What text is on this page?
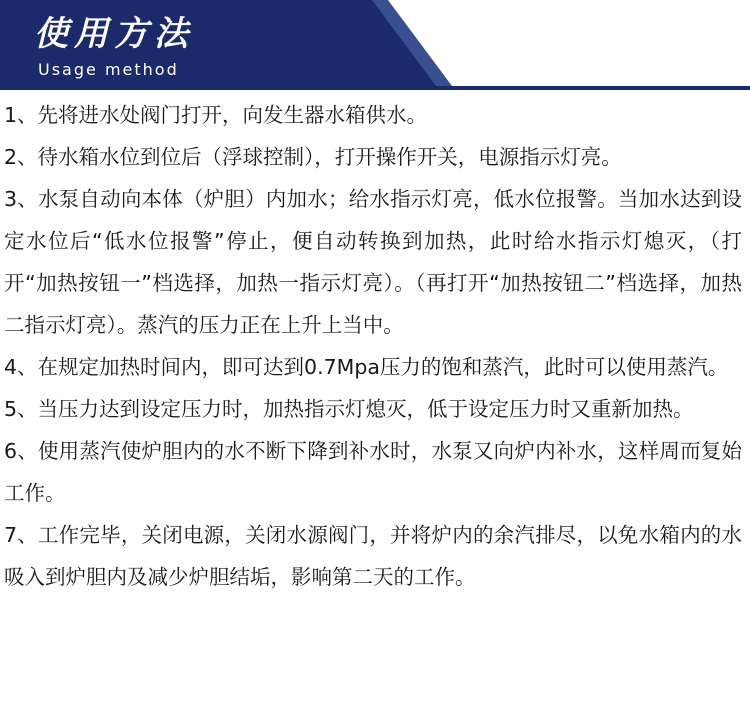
使用方法
Usage method

1、先将进水处阀门打开，向发生器水箱供水。

2、待水箱水位到位后（浮球控制），打开操作开关，电源指示灯亮。

3、水泵自动向本体（炉胆）内加水；给水指示灯亮，低水位报警。当加水达到设定水位后“低水位报警”停止，便自动转换到加热，此时给水指示灯熄灭，（打开“加热按钮一”档选择，加热一指示灯亮）。（再打开“加热按钮二”档选择，加热二指示灯亮）。蒸汽的压力正在上升上当中。

4、在规定加热时间内，即可达到0.7Mpa压力的饱和蒸汽，此时可以使用蒸汽。

5、当压力达到设定压力时，加热指示灯熄灭，低于设定压力时又重新加热。

6、使用蒸汽使炉胆内的水不断下降到补水时，水泵又向炉内补水，这样周而复始工作。

7、工作完毕，关闭电源，关闭水源阀门，并将炉内的余汽排尽，以免水箱内的水吸入到炉胆内及减少炉胆结垢，影响第二天的工作。
